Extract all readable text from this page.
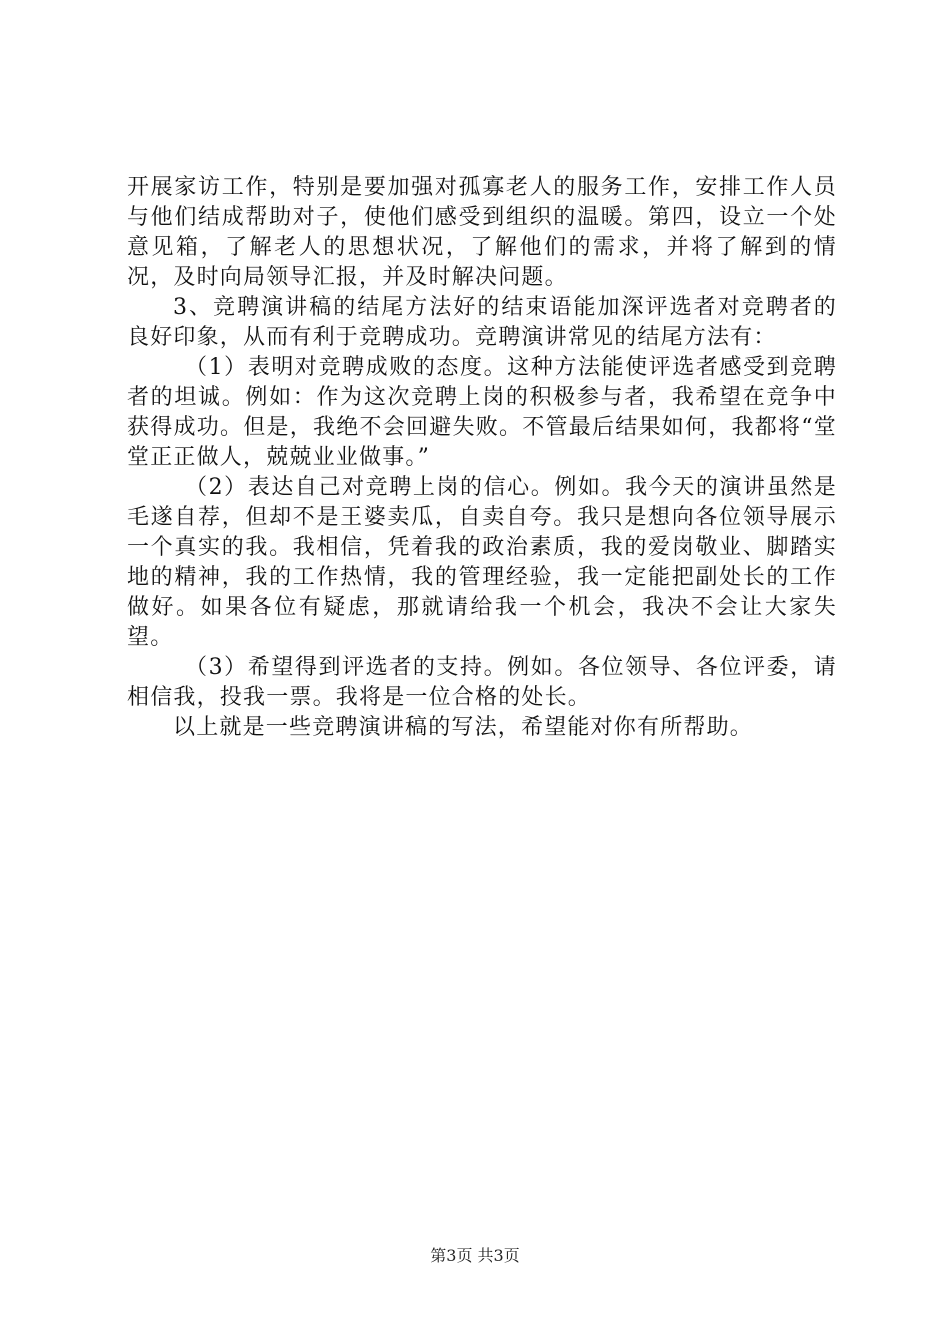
开展家访工作，特别是要加强对孤寡老人的服务工作，安排工作人员与他们结成帮助对子，使他们感受到组织的温暖。第四，设立一个处意见箱，了解老人的思想状况，了解他们的需求，并将了解到的情况，及时向局领导汇报，并及时解决问题。

3、竞聘演讲稿的结尾方法好的结束语能加深评选者对竞聘者的良好印象，从而有利于竞聘成功。竞聘演讲常见的结尾方法有：

（1）表明对竞聘成败的态度。这种方法能使评选者感受到竞聘者的坦诚。例如：作为这次竞聘上岗的积极参与者，我希望在竞争中获得成功。但是，我绝不会回避失败。不管最后结果如何，我都将“堂堂正正做人，兢兢业业做事。”

（2）表达自己对竞聘上岗的信心。例如。我今天的演讲虽然是毛遂自荐，但却不是王婆卖瓜，自卖自夸。我只是想向各位领导展示一个真实的我。我相信，凭着我的政治素质，我的爱岗敬业、脚踏实地的精神，我的工作热情，我的管理经验，我一定能把副处长的工作做好。如果各位有疑虑，那就请给我一个机会，我决不会让大家失望。

（3）希望得到评选者的支持。例如。各位领导、各位评委，请相信我，投我一票。我将是一位合格的处长。

以上就是一些竞聘演讲稿的写法，希望能对你有所帮助。

第3页 共3页
